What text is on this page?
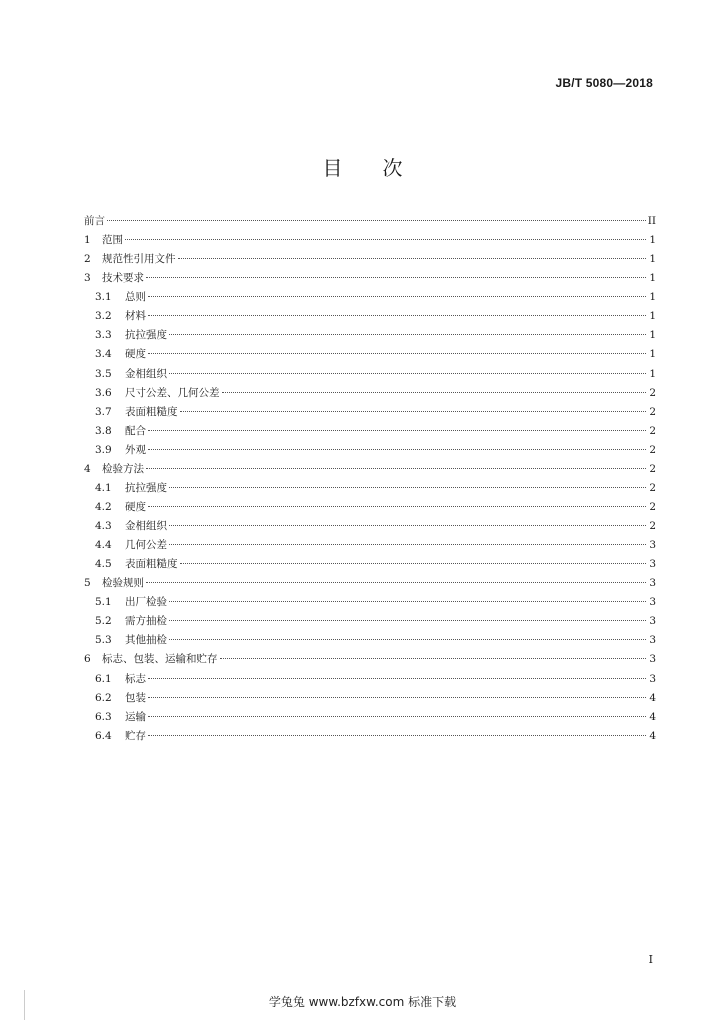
JB/T 5080—2018
目 次
前言	II
1	范围	1
2	规范性引用文件	1
3	技术要求	1
3.1	总则	1
3.2	材料	1
3.3	抗拉强度	1
3.4	硬度	1
3.5	金相组织	1
3.6	尺寸公差、几何公差	2
3.7	表面粗糙度	2
3.8	配合	2
3.9	外观	2
4	检验方法	2
4.1	抗拉强度	2
4.2	硬度	2
4.3	金相组织	2
4.4	几何公差	3
4.5	表面粗糙度	3
5	检验规则	3
5.1	出厂检验	3
5.2	需方抽检	3
5.3	其他抽检	3
6	标志、包装、运输和贮存	3
6.1	标志	3
6.2	包装	4
6.3	运输	4
6.4	贮存	4
I
学兔兔 www.bzfxw.com 标准下载
